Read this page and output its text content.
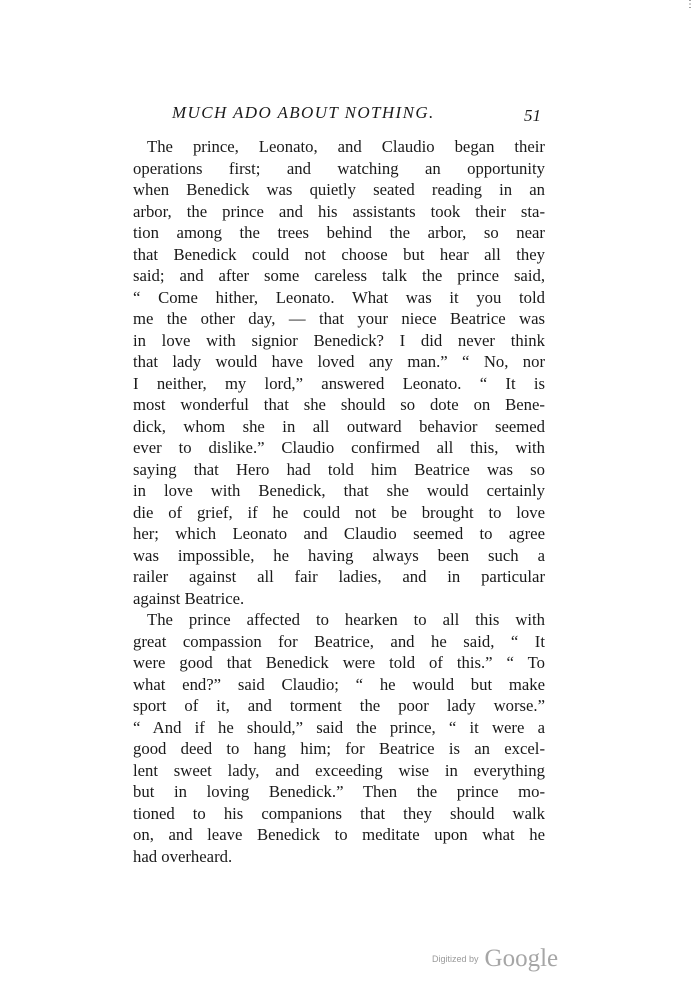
⋮
MUCH ADO ABOUT NOTHING.	51
The prince, Leonato, and Claudio began their
operations first; and watching an opportunity
when Benedick was quietly seated reading in an
arbor, the prince and his assistants took their sta-
tion among the trees behind the arbor, so near
that Benedick could not choose but hear all they
said; and after some careless talk the prince said,
“ Come hither, Leonato. What was it you told
me the other day, — that your niece Beatrice was
in love with signior Benedick? I did never think
that lady would have loved any man.” “ No, nor
I neither, my lord,” answered Leonato. “ It is
most wonderful that she should so dote on Bene-
dick, whom she in all outward behavior seemed
ever to dislike.” Claudio confirmed all this, with
saying that Hero had told him Beatrice was so
in love with Benedick, that she would certainly
die of grief, if he could not be brought to love
her; which Leonato and Claudio seemed to agree
was impossible, he having always been such a
railer against all fair ladies, and in particular
against Beatrice.
The prince affected to hearken to all this with
great compassion for Beatrice, and he said, “ It
were good that Benedick were told of this.” “ To
what end?” said Claudio; “ he would but make
sport of it, and torment the poor lady worse.”
“ And if he should,” said the prince, “ it were a
good deed to hang him; for Beatrice is an excel-
lent sweet lady, and exceeding wise in everything
but in loving Benedick.” Then the prince mo-
tioned to his companions that they should walk
on, and leave Benedick to meditate upon what he
had overheard.
Digitized by Google
